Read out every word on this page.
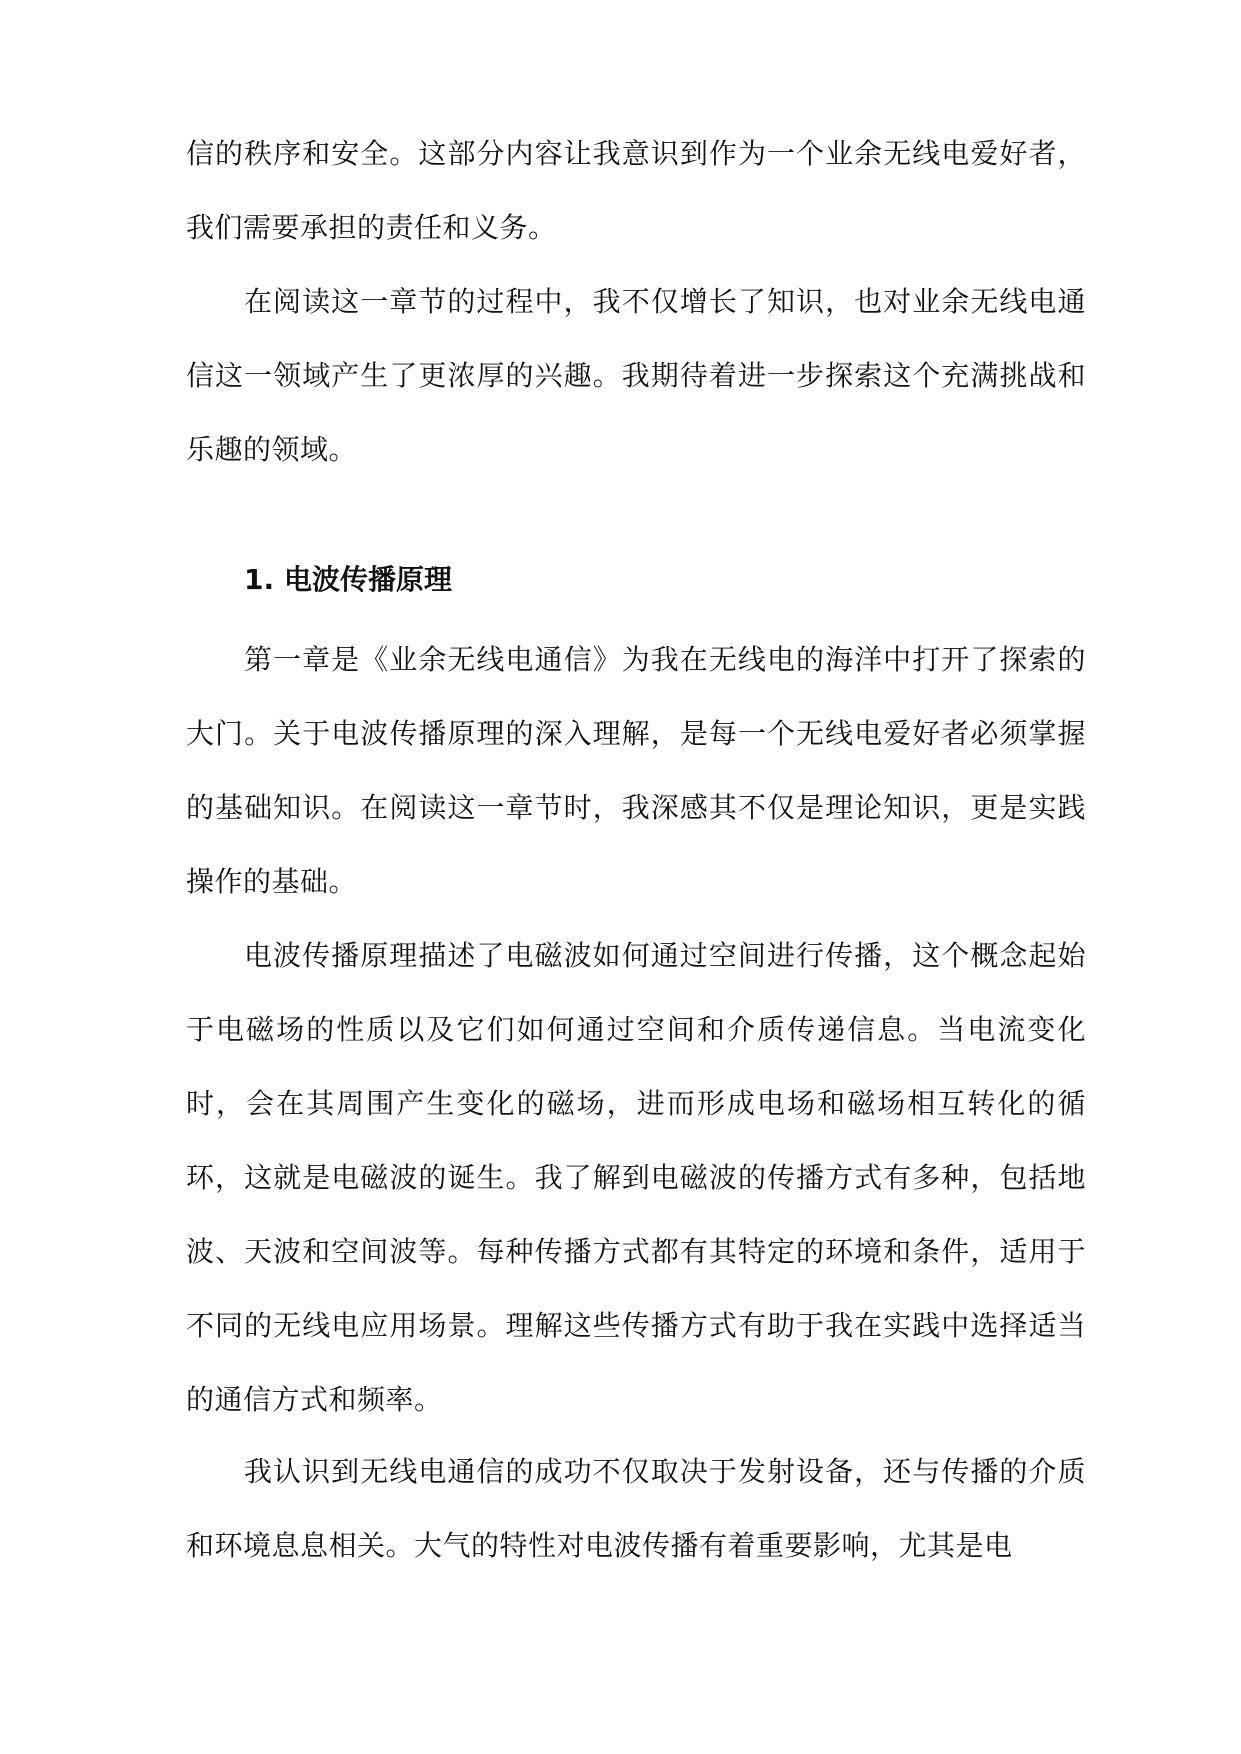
信的秩序和安全。这部分内容让我意识到作为一个业余无线电爱好者，我们需要承担的责任和义务。

在阅读这一章节的过程中，我不仅增长了知识，也对业余无线电通信这一领域产生了更浓厚的兴趣。我期待着进一步探索这个充满挑战和乐趣的领域。

1. 电波传播原理

第一章是《业余无线电通信》为我在无线电的海洋中打开了探索的大门。关于电波传播原理的深入理解，是每一个无线电爱好者必须掌握的基础知识。在阅读这一章节时，我深感其不仅是理论知识，更是实践操作的基础。

电波传播原理描述了电磁波如何通过空间进行传播，这个概念起始于电磁场的性质以及它们如何通过空间和介质传递信息。当电流变化时，会在其周围产生变化的磁场，进而形成电场和磁场相互转化的循环，这就是电磁波的诞生。我了解到电磁波的传播方式有多种，包括地波、天波和空间波等。每种传播方式都有其特定的环境和条件，适用于不同的无线电应用场景。理解这些传播方式有助于我在实践中选择适当的通信方式和频率。

我认识到无线电通信的成功不仅取决于发射设备，还与传播的介质和环境息息相关。大气的特性对电波传播有着重要影响，尤其是电
